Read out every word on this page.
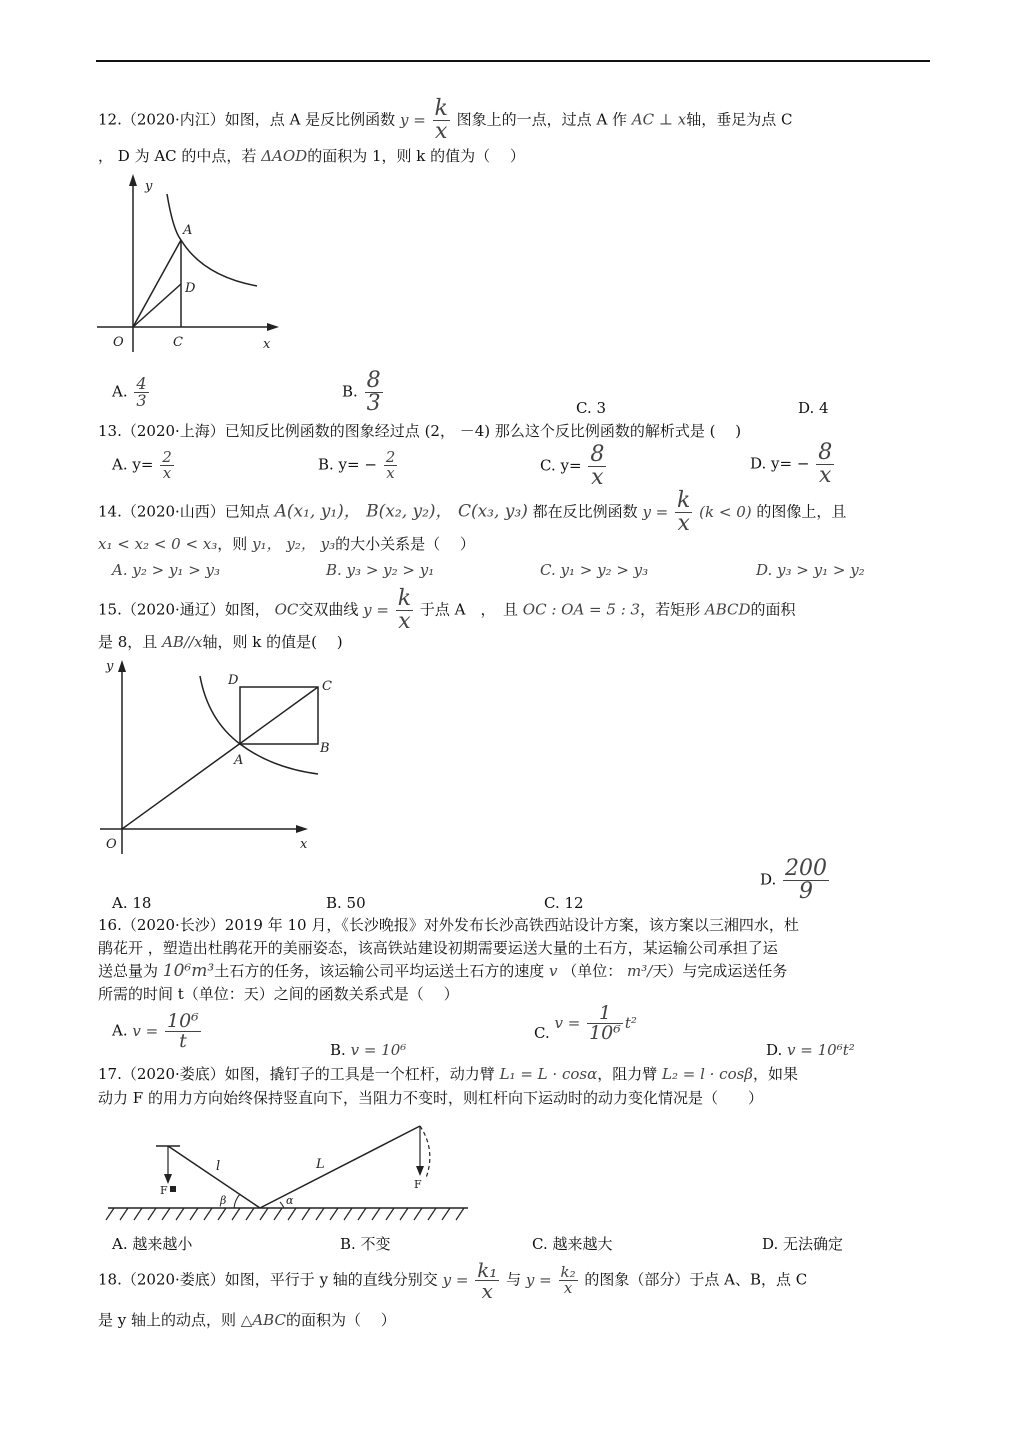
12.（2020·内江）如图，点 A 是反比例函数 $y = \frac{k}{x}$ 图象上的一点，过点 A 作 AC ⊥ x轴，垂足为点 C
， D 为 AC 的中点，若 ΔAOD的面积为 1，则 k 的值为（　 ）
y
x
O
A
C
D
A. $\frac{4}{3}$	B. $\frac{8}{3}$	C. 3	D. 4
13.（2020·上海）已知反比例函数的图象经过点 (2， －4) 那么这个反比例函数的解析式是 (　 )
A. $y= \frac{2}{x}$	B. $y= - \frac{2}{x}$	C. $y= \frac{8}{x}$	D. $y= - \frac{8}{x}$
14.（2020·山西）已知点 A(x₁, y₁)， B(x₂, y₂)， C(x₃, y₃) 都在反比例函数 $y = \frac{k}{x} (k < 0)$ 的图像上，且
x₁ < x₂ < 0 < x₃，则 y₁， y₂， y₃的大小关系是（　 ）
A. y₂ > y₁ > y₃	B. y₃ > y₂ > y₁	C. y₁ > y₂ > y₃	D. y₃ > y₁ > y₂
15.（2020·通辽）如图， OC交双曲线 $y = \frac{k}{x}$ 于点 A　，　且 OC : OA = 5 : 3，若矩形 ABCD的面积
是 8，且 AB//x轴，则 k 的值是(　 )
y
x
O
A
B
C
D
A. 18	B. 50	C. 12
D. $\frac{200}{9}$
16.（2020·长沙）2019 年 10 月，《长沙晚报》对外发布长沙高铁西站设计方案，该方案以三湘四水，杜
鹃花开 ，塑造出杜鹃花开的美丽姿态，该高铁站建设初期需要运送大量的土石方，某运输公司承担了运
送总量为 10⁶m³土石方的任务，该运输公司平均运送土石方的速度 v （单位： m³/天）与完成运送任务
所需的时间 t（单位：天）之间的函数关系式是（　 ）
A. $v = \frac{\text{10⁶}}{t}$	B. v = 10⁶
C. $v = \frac{1}{\text{10⁶}} t^2$
D. v = 10⁶t²
17.（2020·娄底）如图，撬钉子的工具是一个杠杆，动力臂 L₁ = L · cosα，阻力臂 L₂ = l · cosβ，如果
动力 F 的用力方向始终保持竖直向下，当阻力不变时，则杠杆向下运动时的动力变化情况是（　　）
F	F
l	L
β	α
A. 越来越小	B. 不变	C. 越来越大	D. 无法确定
18.（2020·娄底）如图，平行于 y 轴的直线分别交 $y = \frac{\text{k₁}}{x}$ 与 $y = \frac{\text{k₂}}{x}$ 的图象（部分）于点 A、B，点 C
是 y 轴上的动点，则 △ABC的面积为（　 ）
